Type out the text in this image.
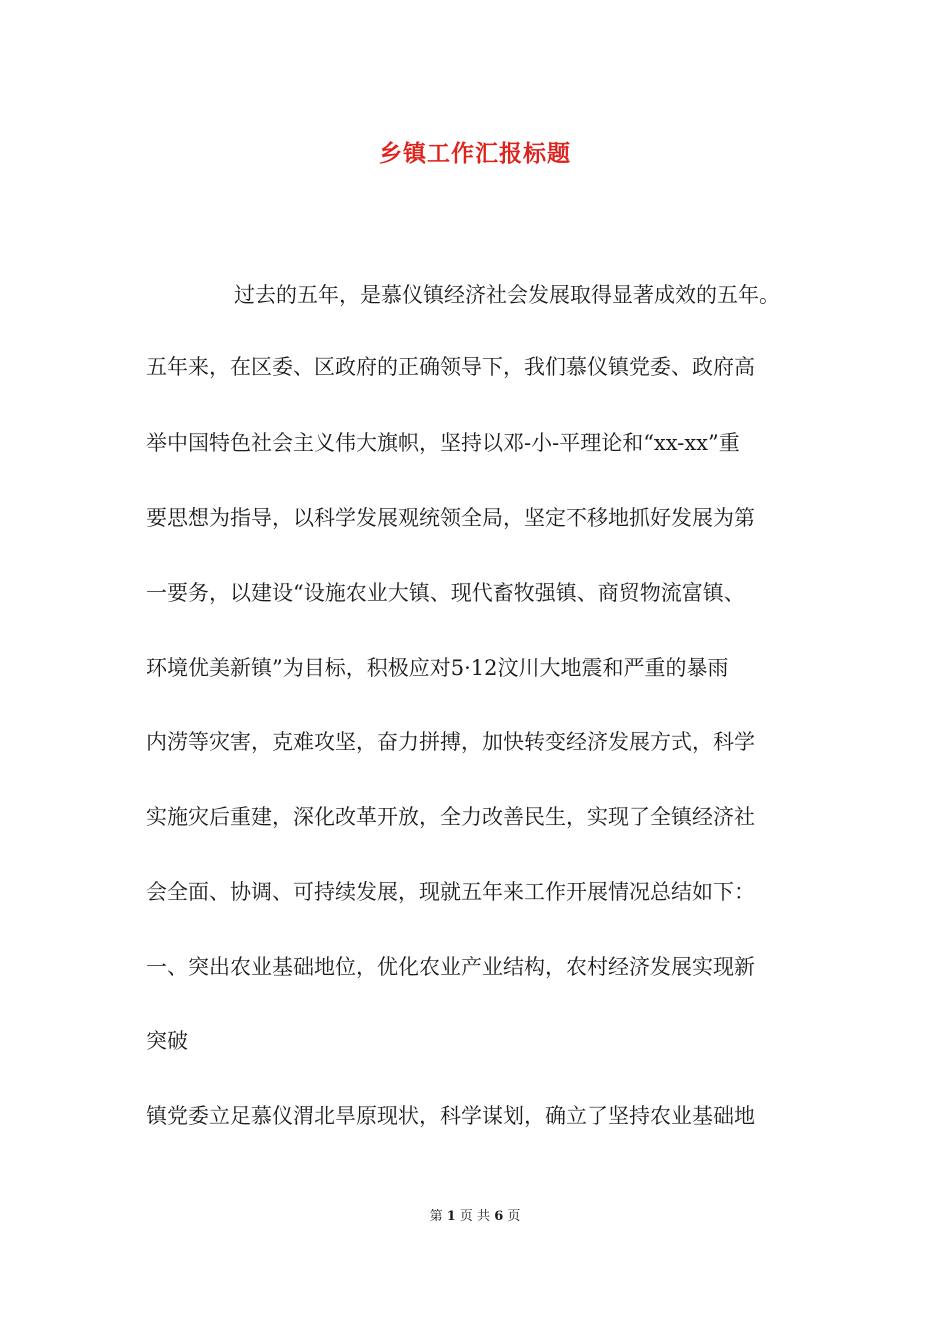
乡镇工作汇报标题

过去的五年，是慕仪镇经济社会发展取得显著成效的五年。

五年来，在区委、区政府的正确领导下，我们慕仪镇党委、政府高

举中国特色社会主义伟大旗帜，坚持以邓-小-平理论和“xx-xx”重

要思想为指导，以科学发展观统领全局，坚定不移地抓好发展为第

一要务，以建设“设施农业大镇、现代畜牧强镇、商贸物流富镇、

环境优美新镇”为目标，积极应对5·12汶川大地震和严重的暴雨

内涝等灾害，克难攻坚，奋力拼搏，加快转变经济发展方式，科学

实施灾后重建，深化改革开放，全力改善民生，实现了全镇经济社

会全面、协调、可持续发展，现就五年来工作开展情况总结如下：

一、突出农业基础地位，优化农业产业结构，农村经济发展实现新

突破

镇党委立足慕仪渭北旱原现状，科学谋划，确立了坚持农业基础地

第 1 页 共 6 页
